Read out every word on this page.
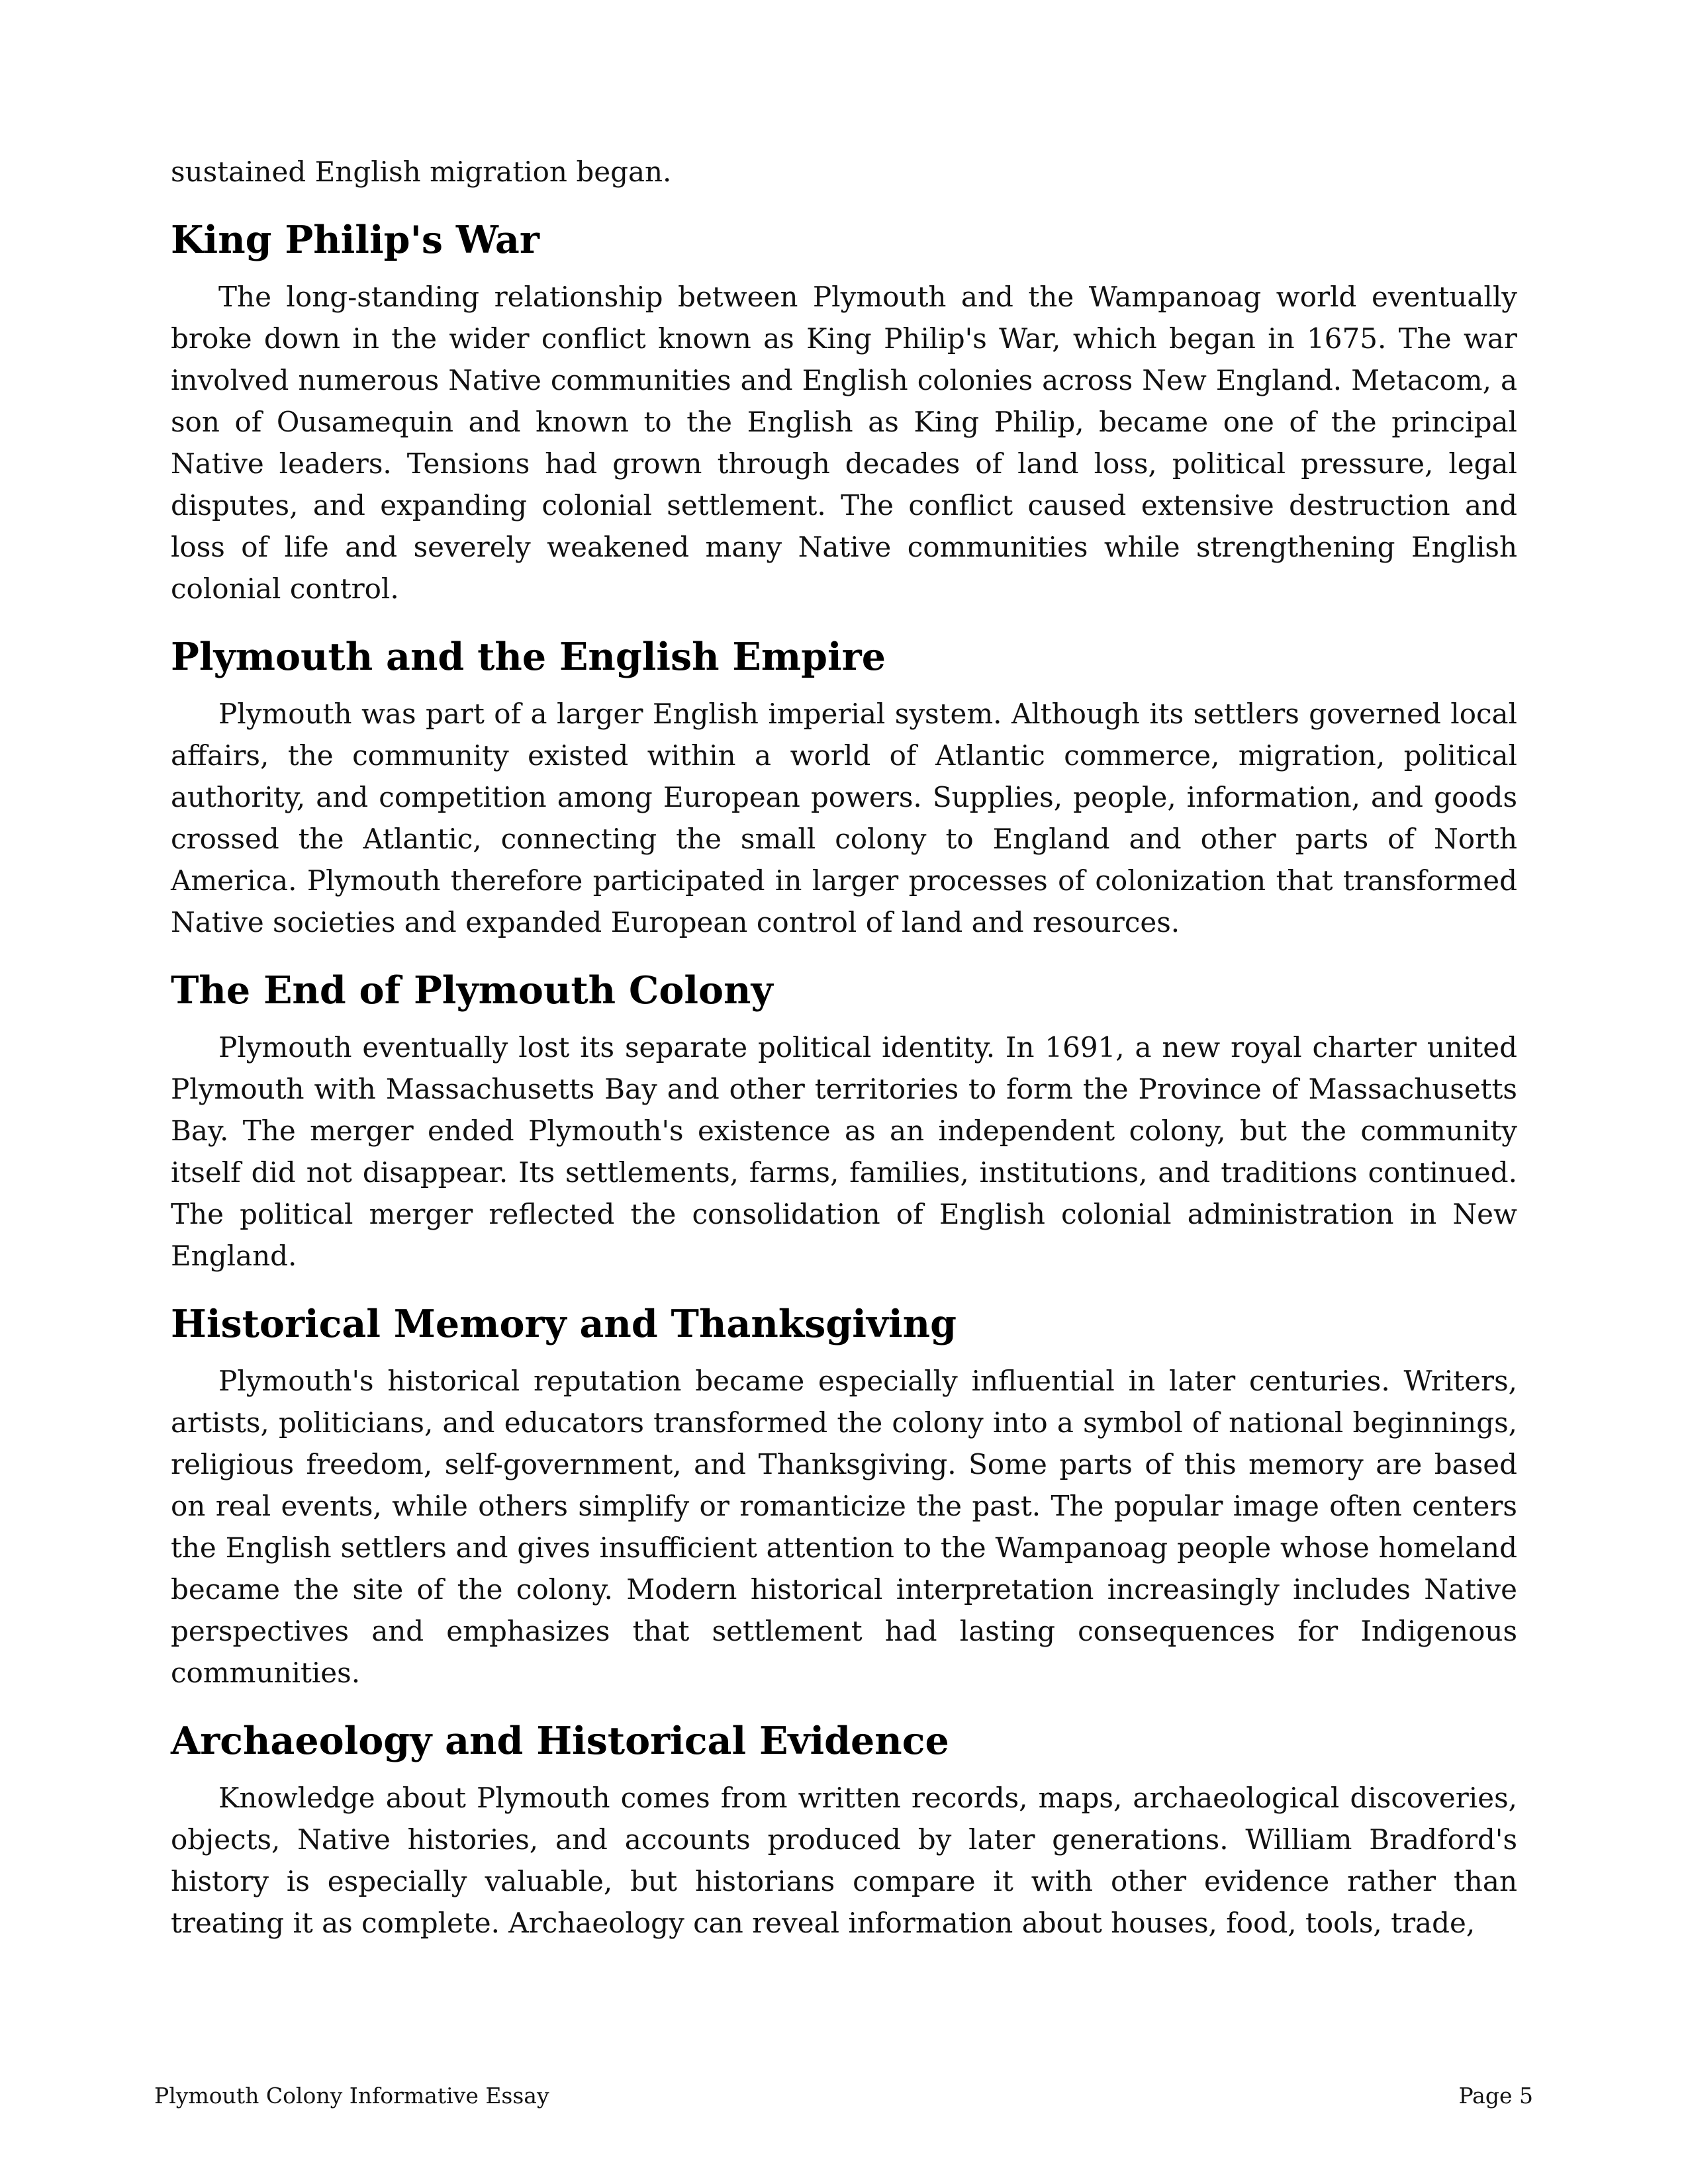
sustained English migration began.

King Philip's War

The long-standing relationship between Plymouth and the Wampanoag world eventually broke down in the wider conflict known as King Philip's War, which began in 1675. The war involved numerous Native communities and English colonies across New England. Metacom, a son of Ousamequin and known to the English as King Philip, became one of the principal Native leaders. Tensions had grown through decades of land loss, political pressure, legal disputes, and expanding colonial settlement. The conflict caused extensive destruction and loss of life and severely weakened many Native communities while strengthening English colonial control.

Plymouth and the English Empire

Plymouth was part of a larger English imperial system. Although its settlers governed local affairs, the community existed within a world of Atlantic commerce, migration, political authority, and competition among European powers. Supplies, people, information, and goods crossed the Atlantic, connecting the small colony to England and other parts of North America. Plymouth therefore participated in larger processes of colonization that transformed Native societies and expanded European control of land and resources.

The End of Plymouth Colony

Plymouth eventually lost its separate political identity. In 1691, a new royal charter united Plymouth with Massachusetts Bay and other territories to form the Province of Massachusetts Bay. The merger ended Plymouth's existence as an independent colony, but the community itself did not disappear. Its settlements, farms, families, institutions, and traditions continued. The political merger reflected the consolidation of English colonial administration in New England.

Historical Memory and Thanksgiving

Plymouth's historical reputation became especially influential in later centuries. Writers, artists, politicians, and educators transformed the colony into a symbol of national beginnings, religious freedom, self-government, and Thanksgiving. Some parts of this memory are based on real events, while others simplify or romanticize the past. The popular image often centers the English settlers and gives insufficient attention to the Wampanoag people whose homeland became the site of the colony. Modern historical interpretation increasingly includes Native perspectives and emphasizes that settlement had lasting consequences for Indigenous communities.

Archaeology and Historical Evidence

Knowledge about Plymouth comes from written records, maps, archaeological discoveries, objects, Native histories, and accounts produced by later generations. William Bradford's history is especially valuable, but historians compare it with other evidence rather than treating it as complete. Archaeology can reveal information about houses, food, tools, trade,

Plymouth Colony Informative Essay	Page 5
